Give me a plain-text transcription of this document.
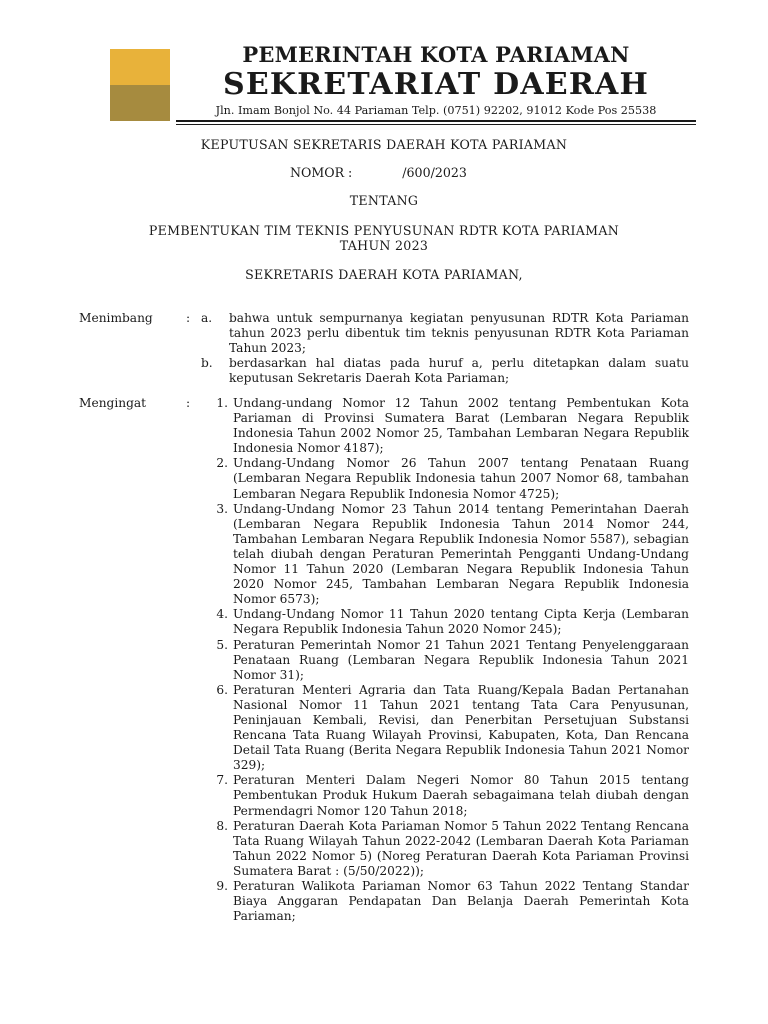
PEMERINTAH KOTA PARIAMAN
SEKRETARIAT DAERAH
Jln. Imam Bonjol No. 44 Pariaman Telp. (0751) 92202, 91012 Kode Pos 25538
KEPUTUSAN SEKRETARIS DAERAH KOTA PARIAMAN
NOMOR :	/600/2023
TENTANG
PEMBENTUKAN TIM TEKNIS PENYUSUNAN RDTR KOTA PARIAMAN
TAHUN 2023
SEKRETARIS DAERAH KOTA PARIAMAN,
Menimbang	: a.	bahwa untuk sempurnanya kegiatan penyusunan RDTR Kota Pariaman tahun 2023 perlu dibentuk tim teknis penyusunan RDTR Kota Pariaman Tahun 2023;
b.	berdasarkan hal diatas pada huruf a, perlu ditetapkan dalam suatu keputusan Sekretaris Daerah Kota Pariaman;
Mengingat	:	1. Undang-undang Nomor 12 Tahun 2002 tentang Pembentukan Kota Pariaman di Provinsi Sumatera Barat (Lembaran Negara Republik Indonesia Tahun 2002 Nomor 25, Tambahan Lembaran Negara Republik Indonesia Nomor 4187);
2. Undang-Undang Nomor 26 Tahun 2007 tentang Penataan Ruang (Lembaran Negara Republik Indonesia tahun 2007 Nomor 68, tambahan Lembaran Negara Republik Indonesia Nomor 4725);
3. Undang-Undang Nomor 23 Tahun 2014 tentang Pemerintahan Daerah (Lembaran Negara Republik Indonesia Tahun 2014 Nomor 244, Tambahan Lembaran Negara Republik Indonesia Nomor 5587), sebagian telah diubah dengan Peraturan Pemerintah Pengganti Undang-Undang Nomor 11 Tahun 2020 (Lembaran Negara Republik Indonesia Tahun 2020 Nomor 245, Tambahan Lembaran Negara Republik Indonesia Nomor 6573);
4. Undang-Undang Nomor 11 Tahun 2020 tentang Cipta Kerja (Lembaran Negara Republik Indonesia Tahun 2020 Nomor 245);
5. Peraturan Pemerintah Nomor 21 Tahun 2021 Tentang Penyelenggaraan Penataan Ruang (Lembaran Negara Republik Indonesia Tahun 2021 Nomor 31);
6. Peraturan Menteri Agraria dan Tata Ruang/Kepala Badan Pertanahan Nasional Nomor 11 Tahun 2021 tentang Tata Cara Penyusunan, Peninjauan Kembali, Revisi, dan Penerbitan Persetujuan Substansi Rencana Tata Ruang Wilayah Provinsi, Kabupaten, Kota, Dan Rencana Detail Tata Ruang (Berita Negara Republik Indonesia Tahun 2021 Nomor 329);
7. Peraturan Menteri Dalam Negeri Nomor 80 Tahun 2015 tentang Pembentukan Produk Hukum Daerah sebagaimana telah diubah dengan Permendagri Nomor 120 Tahun 2018;
8. Peraturan Daerah Kota Pariaman Nomor 5 Tahun 2022 Tentang Rencana Tata Ruang Wilayah Tahun 2022-2042 (Lembaran Daerah Kota Pariaman Tahun 2022 Nomor 5) (Noreg Peraturan Daerah Kota Pariaman Provinsi Sumatera Barat : (5/50/2022));
9. Peraturan Walikota Pariaman Nomor 63 Tahun 2022 Tentang Standar Biaya Anggaran Pendapatan Dan Belanja Daerah Pemerintah Kota Pariaman;
